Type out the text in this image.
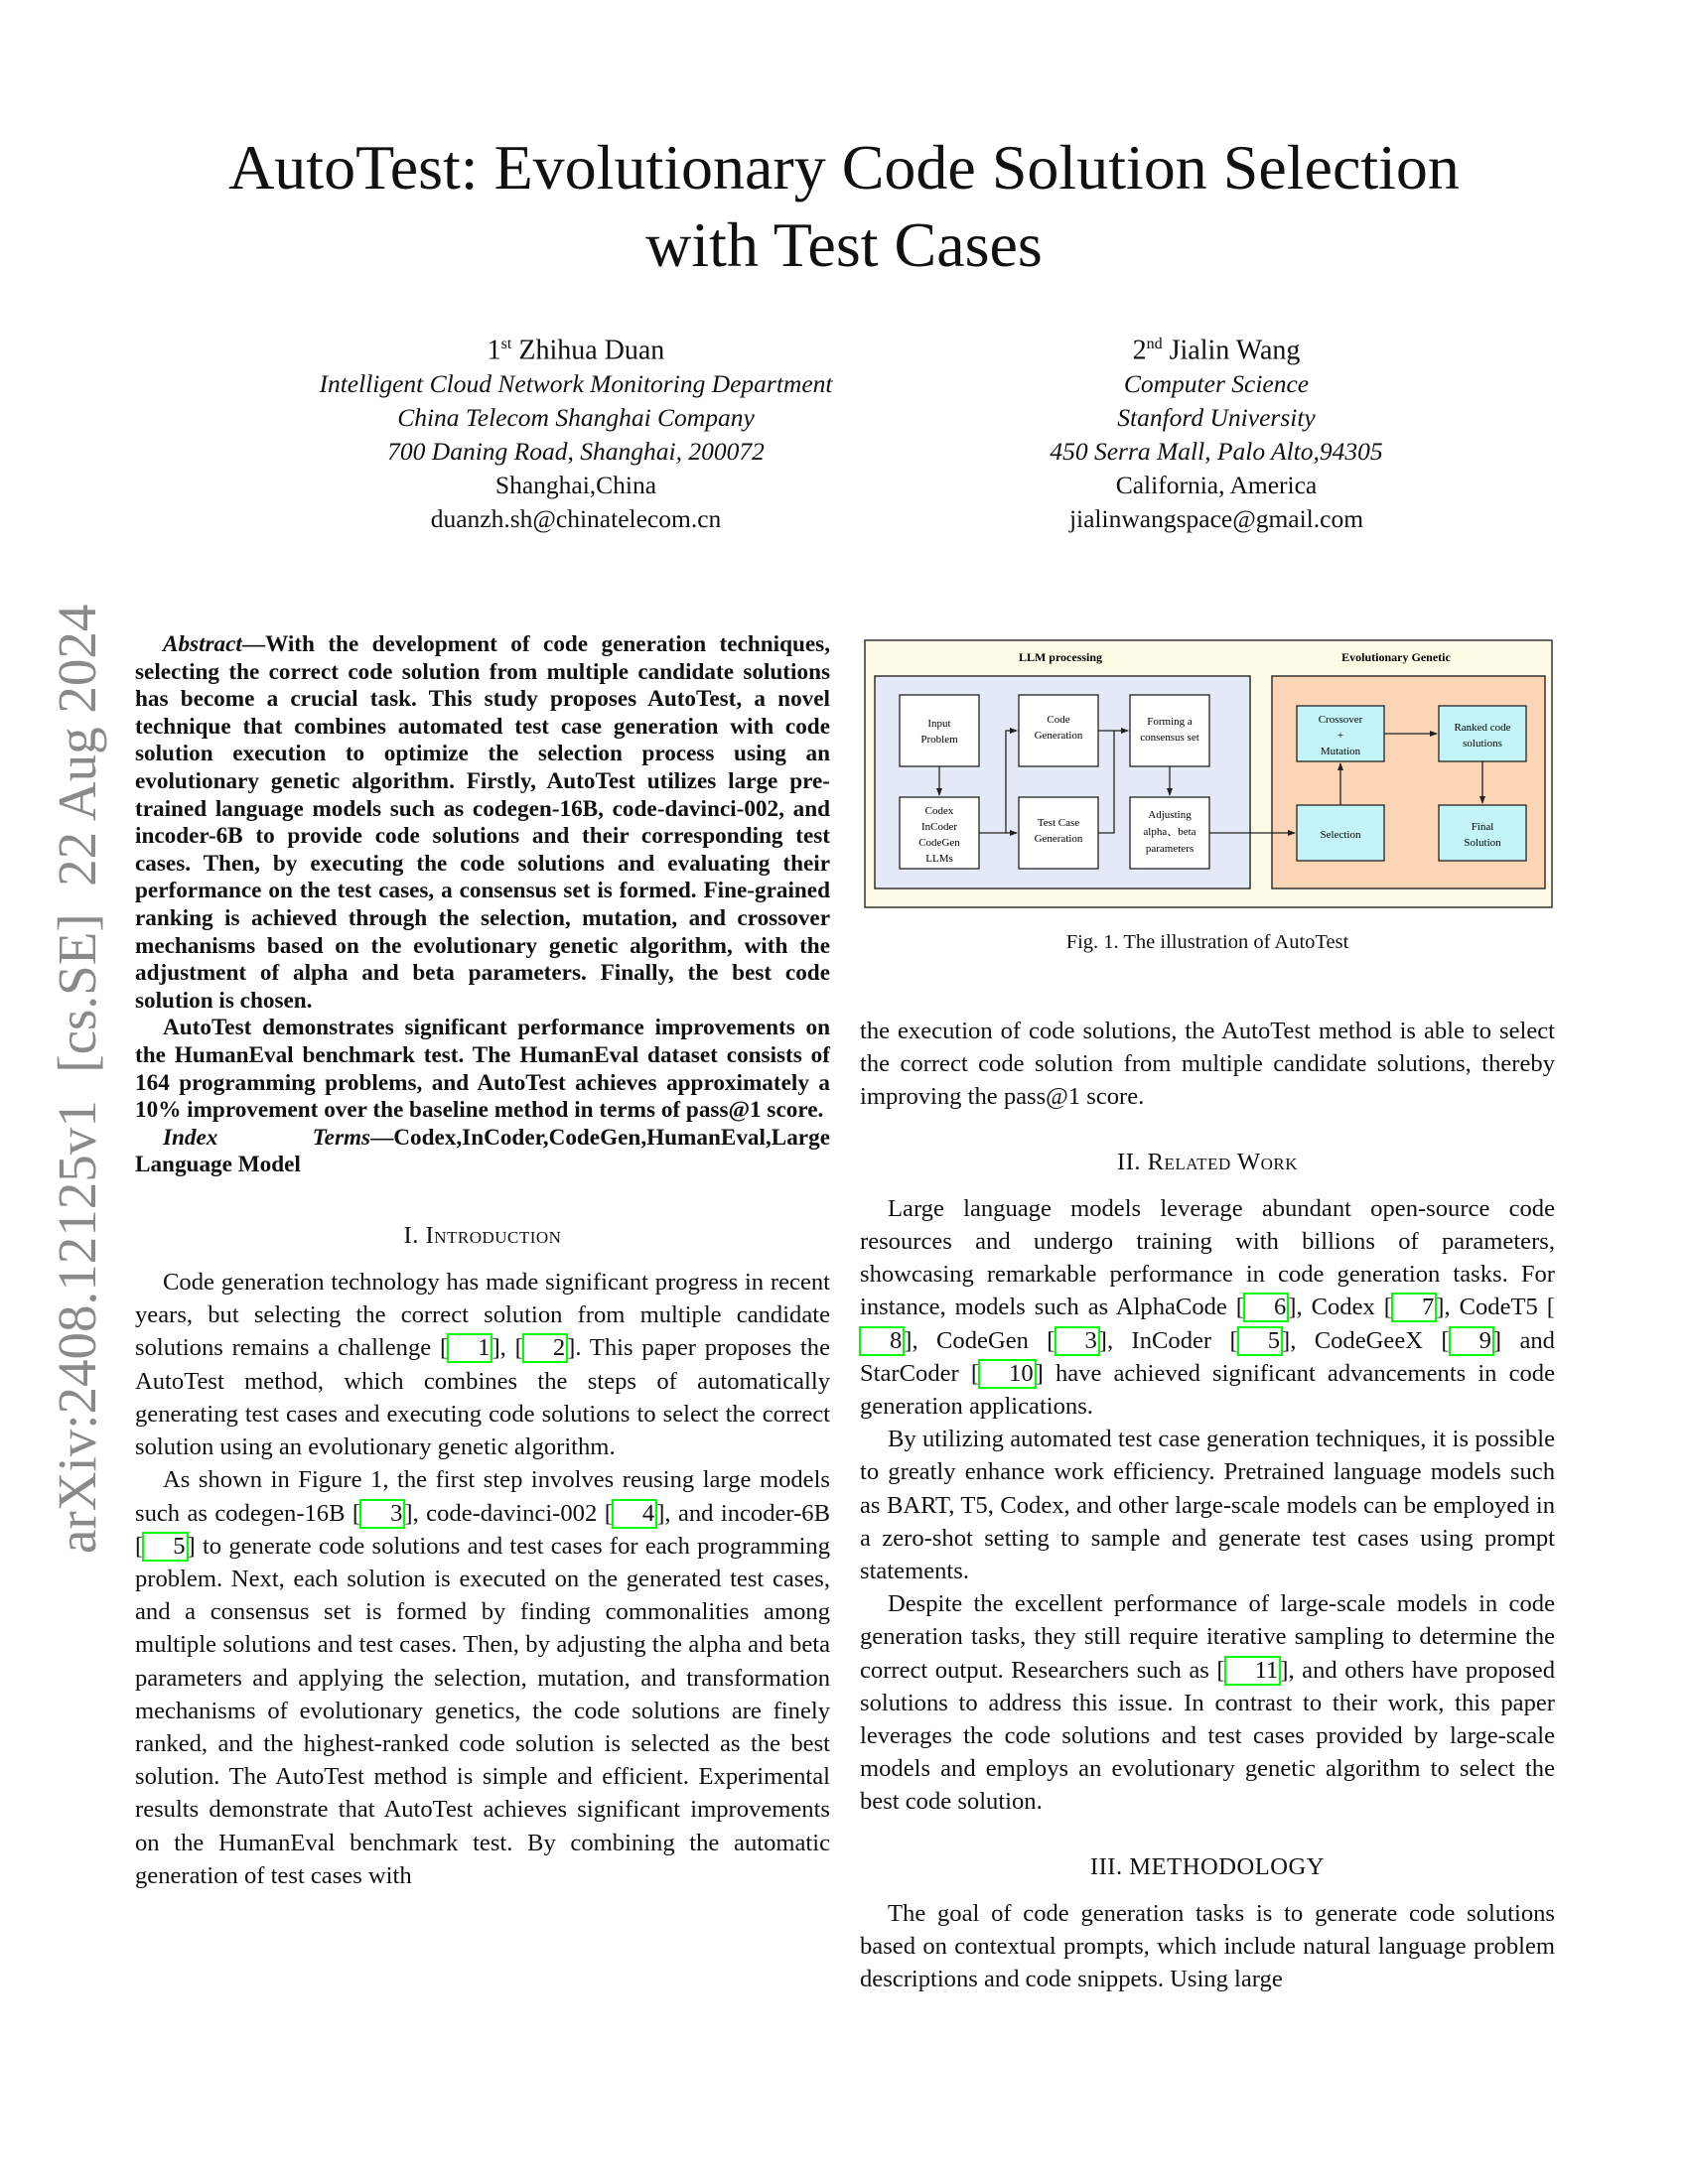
arXiv:2408.12125v1  [cs.SE]  22 Aug 2024
AutoTest: Evolutionary Code Solution Selection
with Test Cases
1st Zhihua Duan
Intelligent Cloud Network Monitoring Department
China Telecom Shanghai Company
700 Daning Road, Shanghai, 200072
Shanghai,China
duanzh.sh@chinatelecom.cn
2nd Jialin Wang
Computer Science
Stanford University
450 Serra Mall, Palo Alto,94305
California, America
jialinwangspace@gmail.com

Abstract—With the development of code generation techniques, selecting the correct code solution from multiple candidate solutions has become a crucial task. This study proposes AutoTest, a novel technique that combines automated test case generation with code solution execution to optimize the selection process using an evolutionary genetic algorithm. Firstly, AutoTest utilizes large pre-trained language models such as codegen-16B, code-davinci-002, and incoder-6B to provide code solutions and their corresponding test cases. Then, by executing the code solutions and evaluating their performance on the test cases, a consensus set is formed. Fine-grained ranking is achieved through the selection, mutation, and crossover mechanisms based on the evolutionary genetic algorithm, with the adjustment of alpha and beta parameters. Finally, the best code solution is chosen.

AutoTest demonstrates significant performance improvements on the HumanEval benchmark test. The HumanEval dataset consists of 164 programming problems, and AutoTest achieves approximately a 10% improvement over the baseline method in terms of pass@1 score.

Index Terms—Codex,InCoder,CodeGen,HumanEval,Large Language Model

I. Introduction

Code generation technology has made significant progress in recent years, but selecting the correct solution from multiple candidate solutions remains a challenge [ 1], [ 2]. This paper proposes the AutoTest method, which combines the steps of automatically generating test cases and executing code solutions to select the correct solution using an evolutionary genetic algorithm.

As shown in Figure 1, the first step involves reusing large models such as codegen-16B [ 3], code-davinci-002 [ 4], and incoder-6B [ 5] to generate code solutions and test cases for each programming problem. Next, each solution is executed on the generated test cases, and a consensus set is formed by finding commonalities among multiple solutions and test cases. Then, by adjusting the alpha and beta parameters and applying the selection, mutation, and transformation mechanisms of evolutionary genetics, the code solutions are finely ranked, and the highest-ranked code solution is selected as the best solution. The AutoTest method is simple and efficient. Experimental results demonstrate that AutoTest achieves significant improvements on the HumanEval benchmark test. By combining the automatic generation of test cases with

LLM processing	Evolutionary Genetic
Input Problem
Codex InCoder CodeGen LLMs
Code Generation
Test Case Generation
Forming a consensus set
Adjusting alpha、beta parameters
Crossover + Mutation
Ranked code solutions
Selection
Final Solution
Fig. 1. The illustration of AutoTest

the execution of code solutions, the AutoTest method is able to select the correct code solution from multiple candidate solutions, thereby improving the pass@1 score.

II. Related Work

Large language models leverage abundant open-source code resources and undergo training with billions of parameters, showcasing remarkable performance in code generation tasks. For instance, models such as AlphaCode [ 6], Codex [ 7], CodeT5 [8], CodeGen [ 3], InCoder [ 5], CodeGeeX [ 9] and StarCoder [ 10] have achieved significant advancements in code generation applications.

By utilizing automated test case generation techniques, it is possible to greatly enhance work efficiency. Pretrained language models such as BART, T5, Codex, and other large-scale models can be employed in a zero-shot setting to sample and generate test cases using prompt statements.

Despite the excellent performance of large-scale models in code generation tasks, they still require iterative sampling to determine the correct output. Researchers such as [ 11], and others have proposed solutions to address this issue. In contrast to their work, this paper leverages the code solutions and test cases provided by large-scale models and employs an evolutionary genetic algorithm to select the best code solution.

III. METHODOLOGY

The goal of code generation tasks is to generate code solutions based on contextual prompts, which include natural language problem descriptions and code snippets. Using large
